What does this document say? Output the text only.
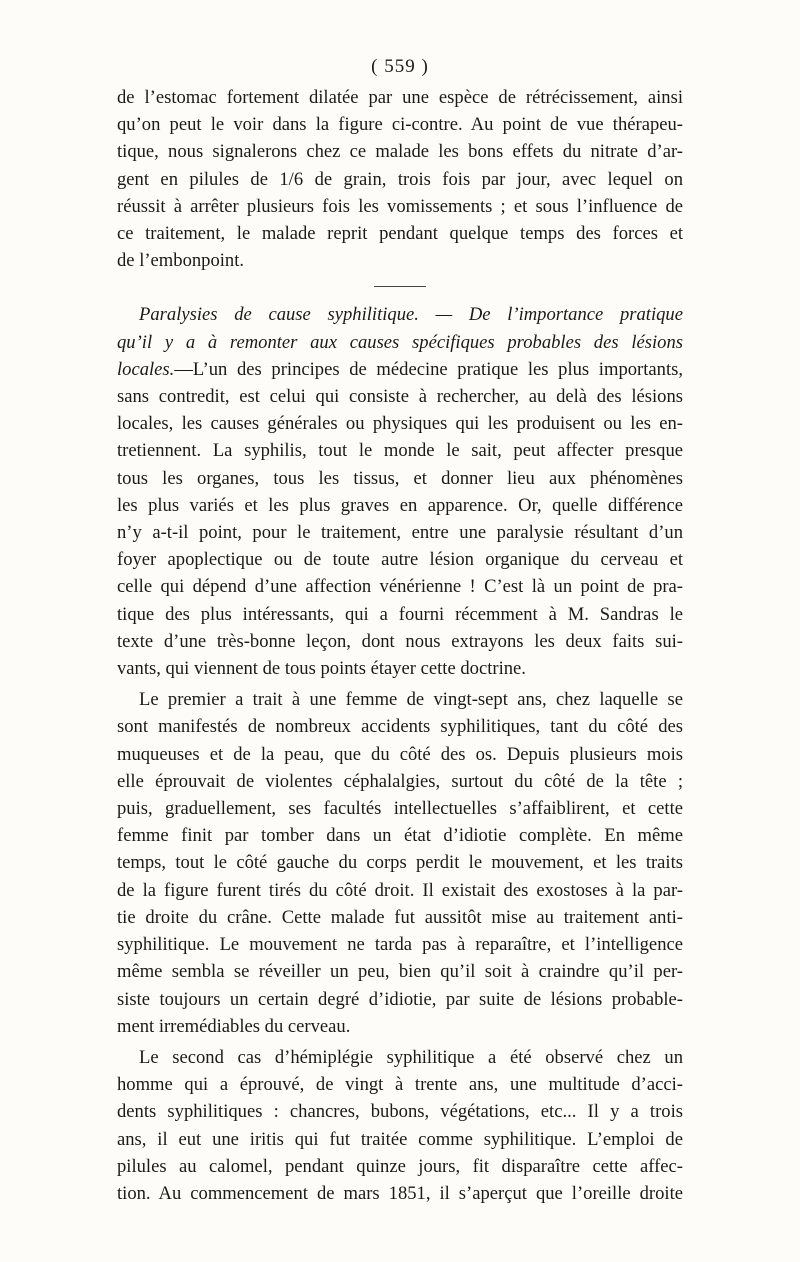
( 559 )
de l’estomac fortement dilatée par une espèce de rétrécissement, ainsi
qu’on peut le voir dans la figure ci-contre. Au point de vue thérapeu-
tique, nous signalerons chez ce malade les bons effets du nitrate d’ar-
gent en pilules de 1/6 de grain, trois fois par jour, avec lequel on
réussit à arrêter plusieurs fois les vomissements ; et sous l’influence de
ce traitement, le malade reprit pendant quelque temps des forces et
de l’embonpoint.
Paralysies de cause syphilitique. — De l’importance pratique
qu’il y a à remonter aux causes spécifiques probables des lésions
locales.—L’un des principes de médecine pratique les plus importants,
sans contredit, est celui qui consiste à rechercher, au delà des lésions
locales, les causes générales ou physiques qui les produisent ou les en-
tretiennent. La syphilis, tout le monde le sait, peut affecter presque
tous les organes, tous les tissus, et donner lieu aux phénomènes
les plus variés et les plus graves en apparence. Or, quelle différence
n’y a-t-il point, pour le traitement, entre une paralysie résultant d’un
foyer apoplectique ou de toute autre lésion organique du cerveau et
celle qui dépend d’une affection vénérienne ! C’est là un point de pra-
tique des plus intéressants, qui a fourni récemment à M. Sandras le
texte d’une très-bonne leçon, dont nous extrayons les deux faits sui-
vants, qui viennent de tous points étayer cette doctrine.
Le premier a trait à une femme de vingt-sept ans, chez laquelle se
sont manifestés de nombreux accidents syphilitiques, tant du côté des
muqueuses et de la peau, que du côté des os. Depuis plusieurs mois
elle éprouvait de violentes céphalalgies, surtout du côté de la tête ;
puis, graduellement, ses facultés intellectuelles s’affaiblirent, et cette
femme finit par tomber dans un état d’idiotie complète. En même
temps, tout le côté gauche du corps perdit le mouvement, et les traits
de la figure furent tirés du côté droit. Il existait des exostoses à la par-
tie droite du crâne. Cette malade fut aussitôt mise au traitement anti-
syphilitique. Le mouvement ne tarda pas à reparaître, et l’intelligence
même sembla se réveiller un peu, bien qu’il soit à craindre qu’il per-
siste toujours un certain degré d’idiotie, par suite de lésions probable-
ment irremédiables du cerveau.
Le second cas d’hémiplégie syphilitique a été observé chez un
homme qui a éprouvé, de vingt à trente ans, une multitude d’acci-
dents syphilitiques : chancres, bubons, végétations, etc... Il y a trois
ans, il eut une iritis qui fut traitée comme syphilitique. L’emploi de
pilules au calomel, pendant quinze jours, fit disparaître cette affec-
tion. Au commencement de mars 1851, il s’aperçut que l’oreille droite
